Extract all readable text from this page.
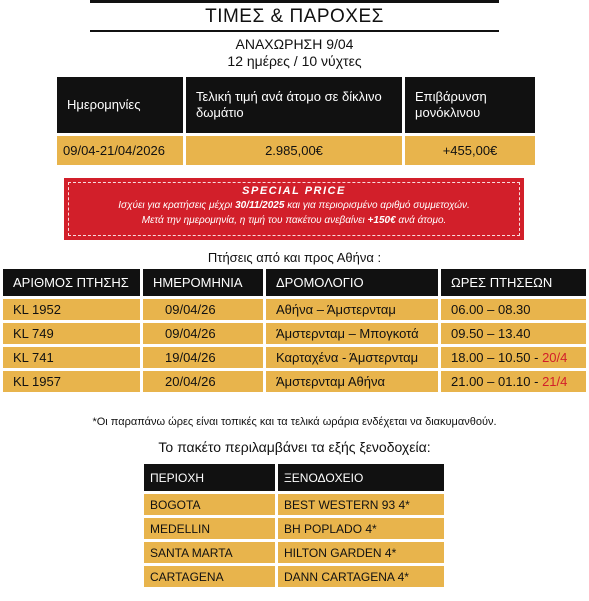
ΤΙΜΕΣ & ΠΑΡΟΧΕΣ
ΑΝΑΧΩΡΗΣΗ 9/04
12 ημέρες / 10 νύχτες
Ημερομηνίες	Τελική τιμή ανά άτομο σε δίκλινο δωμάτιο	Επιβάρυνση μονόκλινου
09/04-21/04/2026	2.985,00€	+455,00€
SPECIAL PRICE
Ισχύει για κρατήσεις μέχρι 30/11/2025 και για περιορισμένο αριθμό συμμετοχών.
Μετά την ημερομηνία, η τιμή του πακέτου ανεβαίνει +150€ ανά άτομο.
Πτήσεις από και προς Αθήνα :
ΑΡΙΘΜΟΣ ΠΤΗΣΗΣ	ΗΜΕΡΟΜΗΝΙΑ	ΔΡΟΜΟΛΟΓΙΟ	ΩΡΕΣ ΠΤΗΣΕΩΝ
KL 1952	09/04/26	Αθήνα – Άμστερνταμ	06.00 – 08.30
KL 749	09/04/26	Άμστερνταμ – Μπογκοτά	09.50 – 13.40
KL 741	19/04/26	Καρταχένα - Άμστερνταμ	18.00 – 10.50 - 20/4
KL 1957	20/04/26	Άμστερνταμ Αθήνα	21.00 – 01.10 - 21/4
*Οι παραπάνω ώρες είναι τοπικές και τα τελικά ωράρια ενδέχεται να διακυμανθούν.
Το πακέτο περιλαμβάνει τα εξής ξενοδοχεία:
ΠΕΡΙΟΧΗ	ΞΕΝΟΔΟΧΕΙΟ
BOGOTA	BEST WESTERN 93 4*
MEDELLIN	BH POPLADO 4*
SANTA MARTA	HILTON GARDEN 4*
CARTAGENA	DANN CARTAGENA 4*
